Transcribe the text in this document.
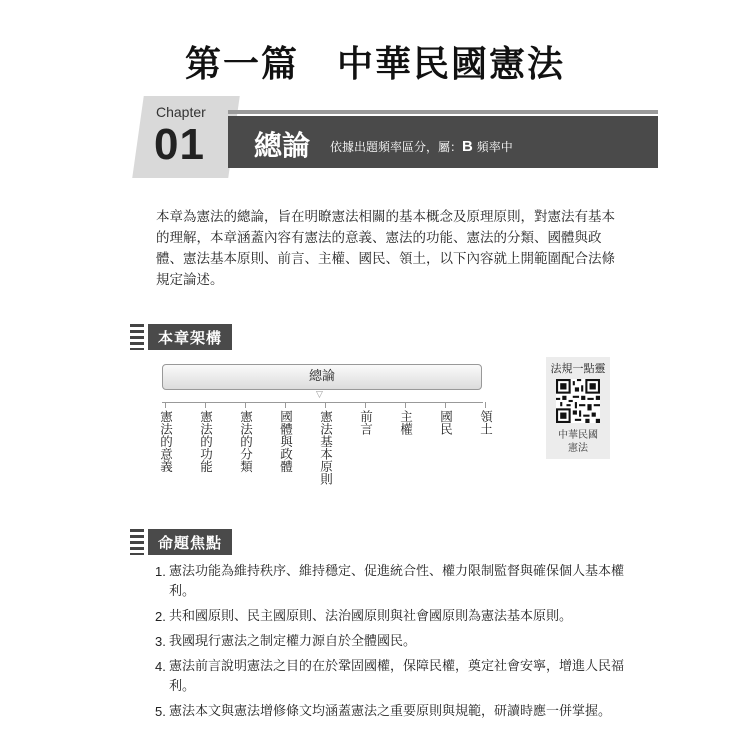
第一篇　中華民國憲法
Chapter
01 總論 依據出題頻率區分，屬：B 頻率中

本章為憲法的總論，旨在明瞭憲法相關的基本概念及原理原則，對憲法有基本的理解，本章涵蓋內容有憲法的意義、憲法的功能、憲法的分類、國體與政體、憲法基本原則、前言、主權、國民、領土，以下內容就上開範圍配合法條規定論述。

本章架構
總論
▽
憲法的意義 憲法的功能 憲法的分類 國體與政體 憲法基本原則 前言 主權 國民 領土
法規一點靈
中華民國
憲法
命題焦點
1. 憲法功能為維持秩序、維持穩定、促進統合性、權力限制監督與確保個人基本權利。
2. 共和國原則、民主國原則、法治國原則與社會國原則為憲法基本原則。
3. 我國現行憲法之制定權力源自於全體國民。
4. 憲法前言說明憲法之目的在於鞏固國權，保障民權，奠定社會安寧，增進人民福利。
5. 憲法本文與憲法增修條文均涵蓋憲法之重要原則與規範，研讀時應一併掌握。
